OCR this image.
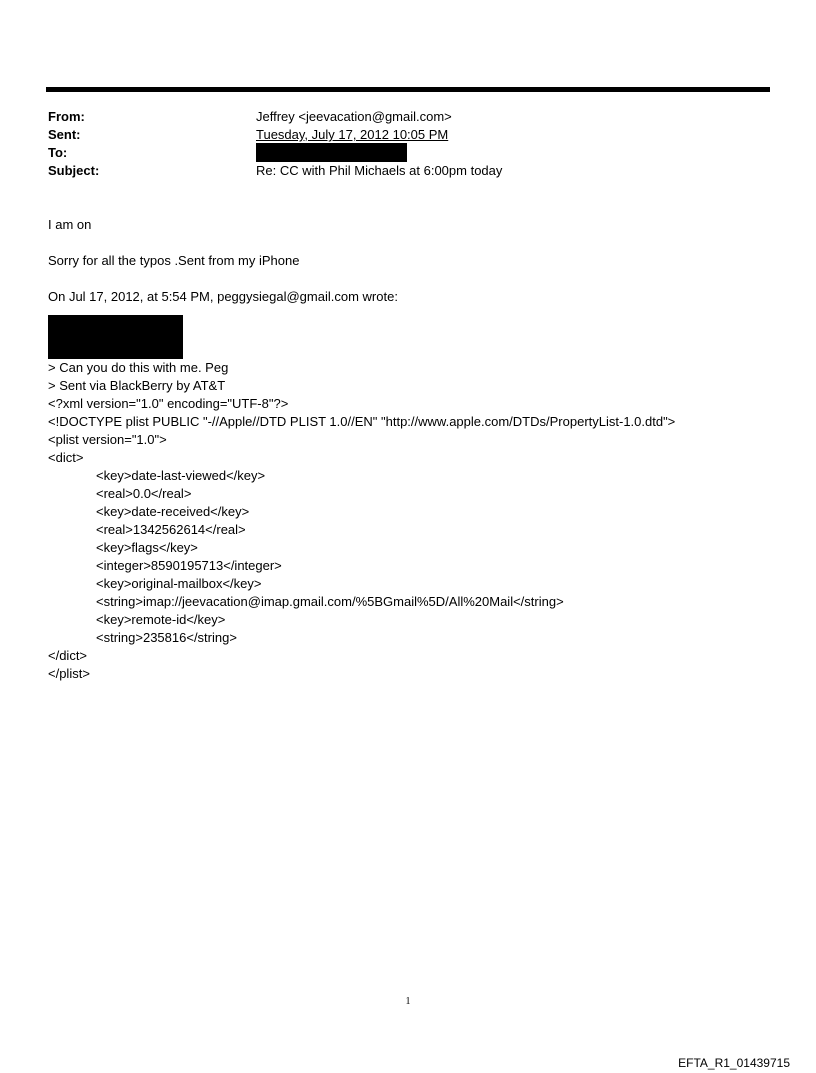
From:	Jeffrey <jeevacation@gmail.com>
Sent:	Tuesday, July 17, 2012 10:05 PM
To:
Subject:	Re: CC with Phil Michaels at 6:00pm today
I am on
Sorry for all the typos .Sent from my iPhone
On Jul 17, 2012, at 5:54 PM, peggysiegal@gmail.com wrote:
> Can you do this with me. Peg
> Sent via BlackBerry by AT&T
<?xml version="1.0" encoding="UTF-8"?>
<!DOCTYPE plist PUBLIC "-//Apple//DTD PLIST 1.0//EN" "http://www.apple.com/DTDs/PropertyList-1.0.dtd">
<plist version="1.0">
<dict>
<key>date-last-viewed</key>
<real>0.0</real>
<key>date-received</key>
<real>1342562614</real>
<key>flags</key>
<integer>8590195713</integer>
<key>original-mailbox</key>
<string>imap://jeevacation@imap.gmail.com/%5BGmail%5D/All%20Mail</string>
<key>remote-id</key>
<string>235816</string>
</dict>
</plist>
1
EFTA_R1_01439715
